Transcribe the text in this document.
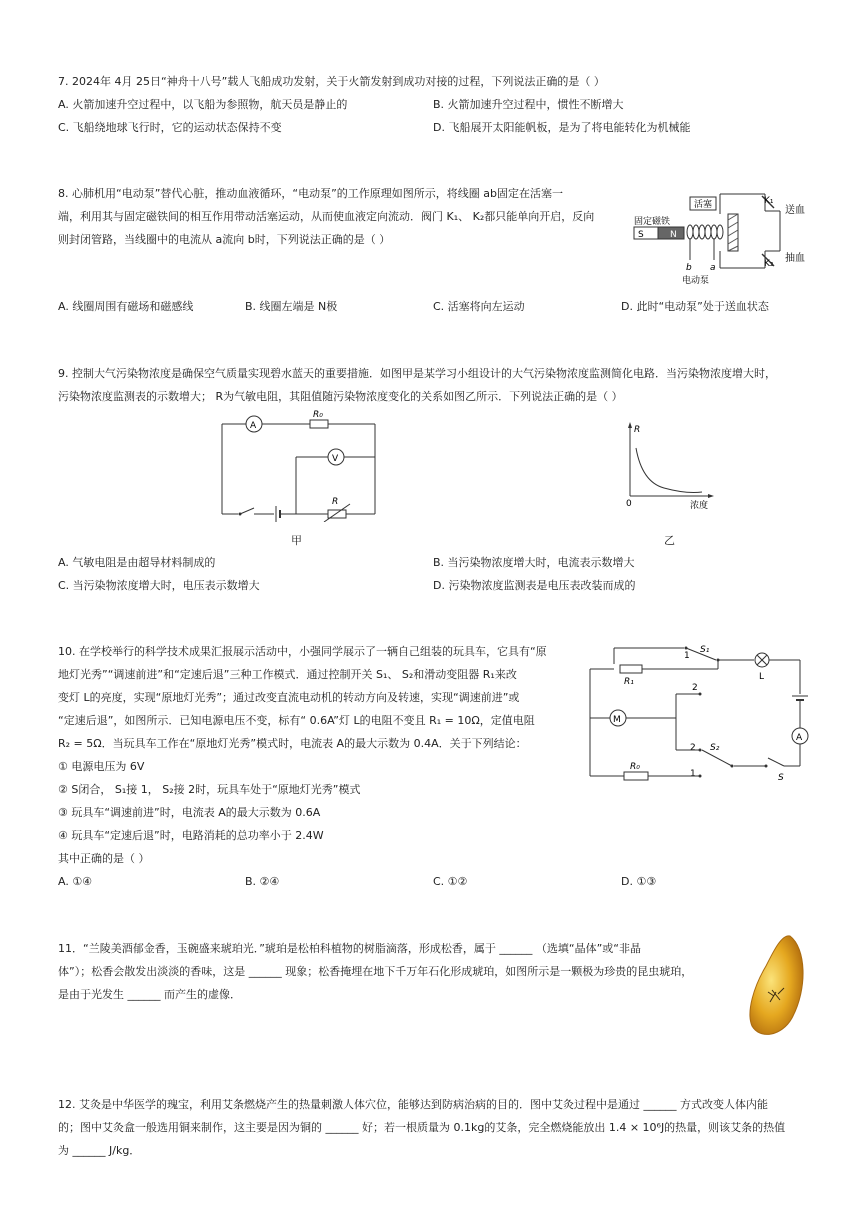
7. 2024年 4月 25日“神舟十八号”载人飞船成功发射，关于火箭发射到成功对接的过程，下列说法正确的是（ ）
A. 火箭加速升空过程中，以飞船为参照物，航天员是静止的	B. 火箭加速升空过程中，惯性不断增大
C. 飞船绕地球飞行时，它的运动状态保持不变	D. 飞船展开太阳能帆板，是为了将电能转化为机械能
8. 心肺机用“电动泵”替代心脏，推动血液循环，“电动泵”的工作原理如图所示，将线圈 ab固定在活塞一
端，利用其与固定磁铁间的相互作用带动活塞运动，从而使血液定向流动．阀门 K₁、 K₂都只能单向开启，反向
则封闭管路，当线圈中的电流从 a流向 b时，下列说法正确的是（ ）
A. 线圈周围有磁场和磁感线	B. 线圈左端是 N极	C. 活塞将向左运动	D. 此时“电动泵”处于送血状态
S	N
b a
电动泵
固定磁铁
活塞	K₁
K₂
送血
抽血
9. 控制大气污染物浓度是确保空气质量实现碧水蓝天的重要措施．如图甲是某学习小组设计的大气污染物浓度监测简化电路．当污染物浓度增大时，
污染物浓度监测表的示数增大； R为气敏电阻，其阻值随污染物浓度变化的关系如图乙所示．下列说法正确的是（ ）
A
R₀
V
R
甲
R
0	浓度
乙
A. 气敏电阻是由超导材料制成的	B. 当污染物浓度增大时，电流表示数增大
C. 当污染物浓度增大时，电压表示数增大	D. 污染物浓度监测表是电压表改装而成的
10. 在学校举行的科学技术成果汇报展示活动中，小强同学展示了一辆自己组装的玩具车，它具有“原
地灯光秀”“调速前进”和“定速后退”三种工作模式．通过控制开关 S₁、 S₂和滑动变阻器 R₁来改
变灯 L的亮度，实现“原地灯光秀”；通过改变直流电动机的转动方向及转速，实现“调速前进”或
“定速后退”，如图所示．已知电源电压不变，标有“ 0.6A”灯 L的电阻不变且 R₁ = 10Ω，定值电阻
R₂ = 5Ω．当玩具车工作在“原地灯光秀”模式时，电流表 A的最大示数为 0.4A．关于下列结论：
① 电源电压为 6V
② S闭合， S₁接 1， S₂接 2时，玩具车处于“原地灯光秀”模式
③ 玩具车“调速前进”时，电流表 A的最大示数为 0.6A
④ 玩具车“定速后退”时，电路消耗的总功率小于 2.4W
其中正确的是（ ）
A. ①④	B. ②④	C. ①②	D. ①③
1
S₁
L
A
S
S₂
2
1
R₁
M
2
R₀
11．“兰陵美酒郁金香，玉碗盛来琥珀光．”琥珀是松柏科植物的树脂滴落，形成松香，属于 ______ （选填“晶体”或“非晶
体”）；松香会散发出淡淡的香味，这是 ______ 现象；松香掩埋在地下千万年石化形成琥珀，如图所示是一颗极为珍贵的昆虫琥珀，
是由于光发生 ______ 而产生的虚像．
12. 艾灸是中华医学的瑰宝，利用艾条燃烧产生的热量刺激人体穴位，能够达到防病治病的目的．图中艾灸过程中是通过 ______ 方式改变人体内能
的；图中艾灸盒一般选用铜来制作，这主要是因为铜的 ______ 好；若一根质量为 0.1kg的艾条，完全燃烧能放出 1.4 × 10⁶J的热量，则该艾条的热值
为 ______ J/kg．
